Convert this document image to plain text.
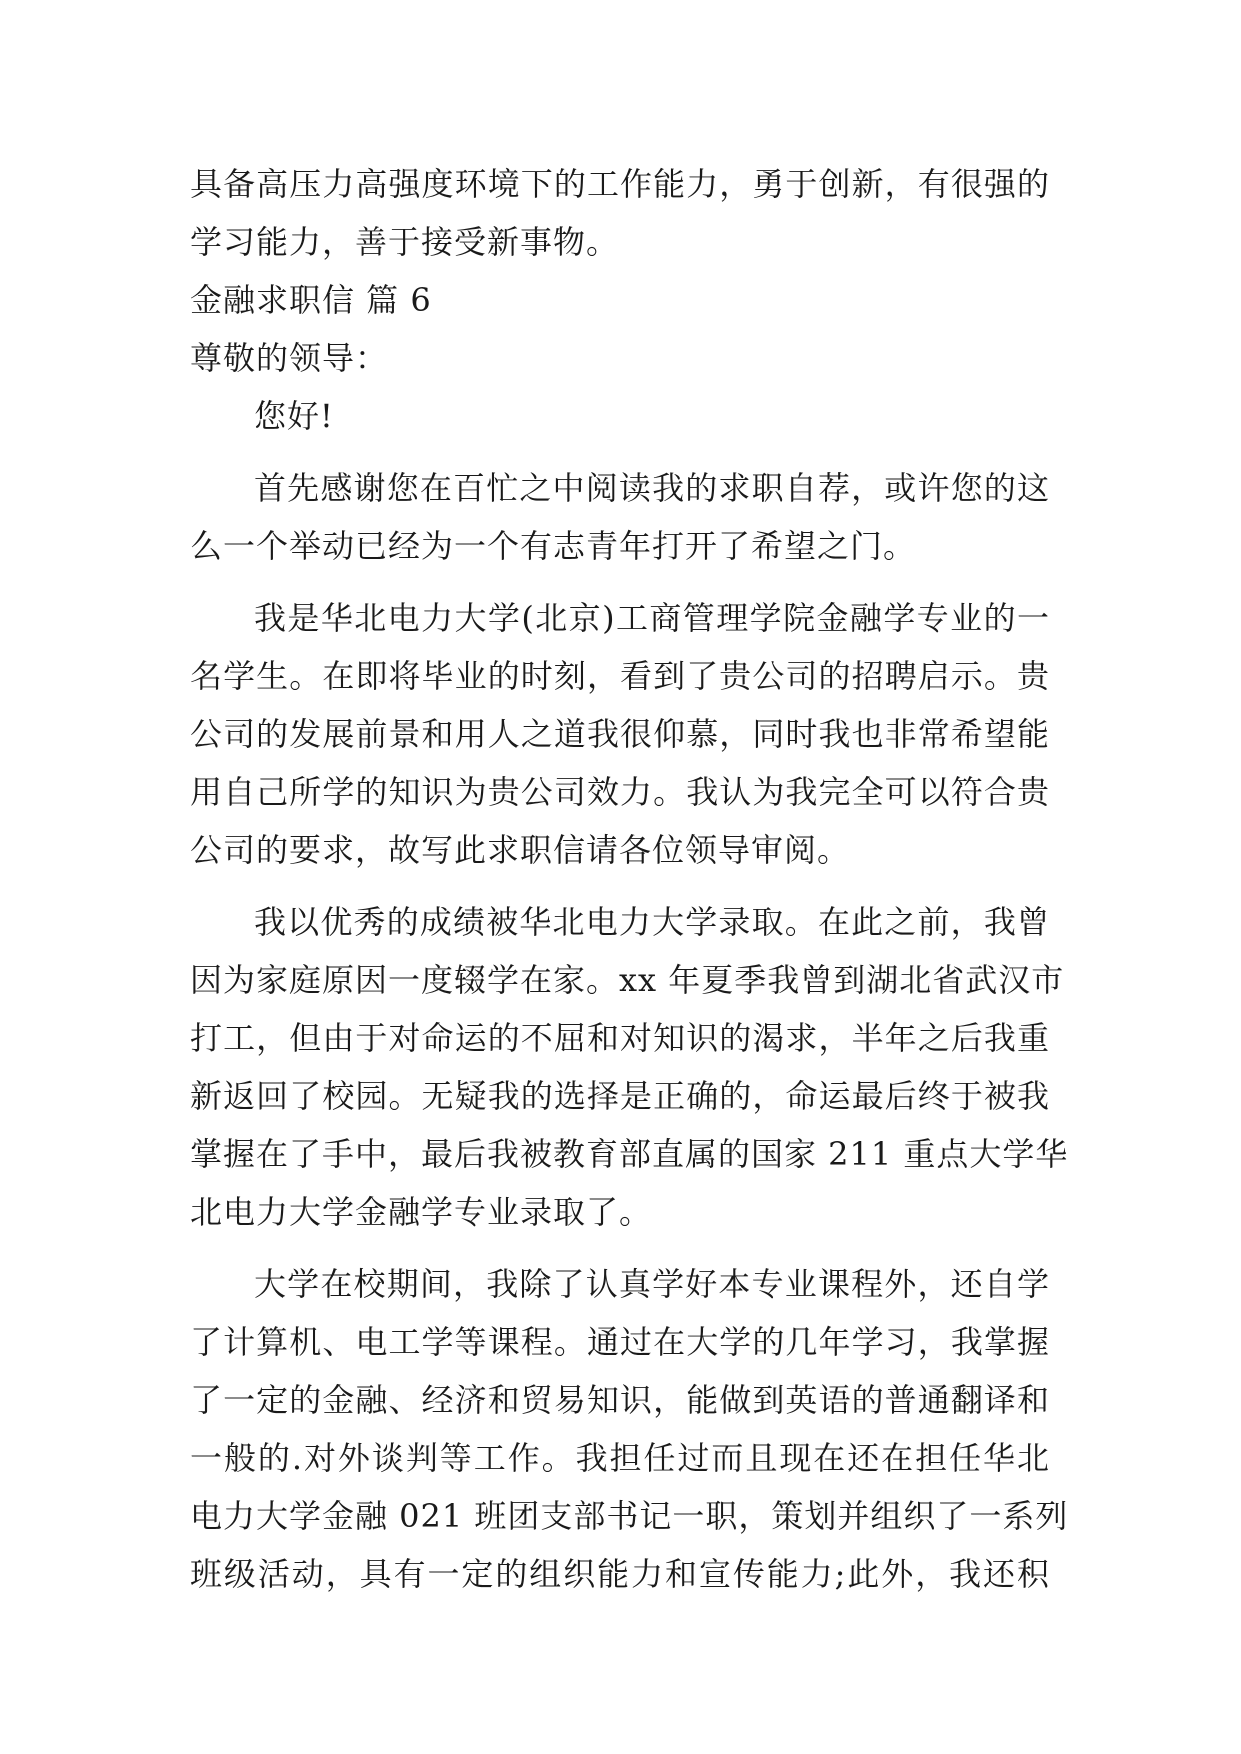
具备高压力高强度环境下的工作能力，勇于创新，有很强的
学习能力，善于接受新事物。
金融求职信 篇 6
尊敬的领导：
您好!
首先感谢您在百忙之中阅读我的求职自荐，或许您的这
么一个举动已经为一个有志青年打开了希望之门。
我是华北电力大学(北京)工商管理学院金融学专业的一
名学生。在即将毕业的时刻，看到了贵公司的招聘启示。贵
公司的发展前景和用人之道我很仰慕，同时我也非常希望能
用自己所学的知识为贵公司效力。我认为我完全可以符合贵
公司的要求，故写此求职信请各位领导审阅。
我以优秀的成绩被华北电力大学录取。在此之前，我曾
因为家庭原因一度辍学在家。xx 年夏季我曾到湖北省武汉市
打工，但由于对命运的不屈和对知识的渴求，半年之后我重
新返回了校园。无疑我的选择是正确的，命运最后终于被我
掌握在了手中，最后我被教育部直属的国家 211 重点大学华
北电力大学金融学专业录取了。
大学在校期间，我除了认真学好本专业课程外，还自学
了计算机、电工学等课程。通过在大学的几年学习，我掌握
了一定的金融、经济和贸易知识，能做到英语的普通翻译和
一般的.对外谈判等工作。我担任过而且现在还在担任华北
电力大学金融 021 班团支部书记一职，策划并组织了一系列
班级活动，具有一定的组织能力和宣传能力;此外，我还积
